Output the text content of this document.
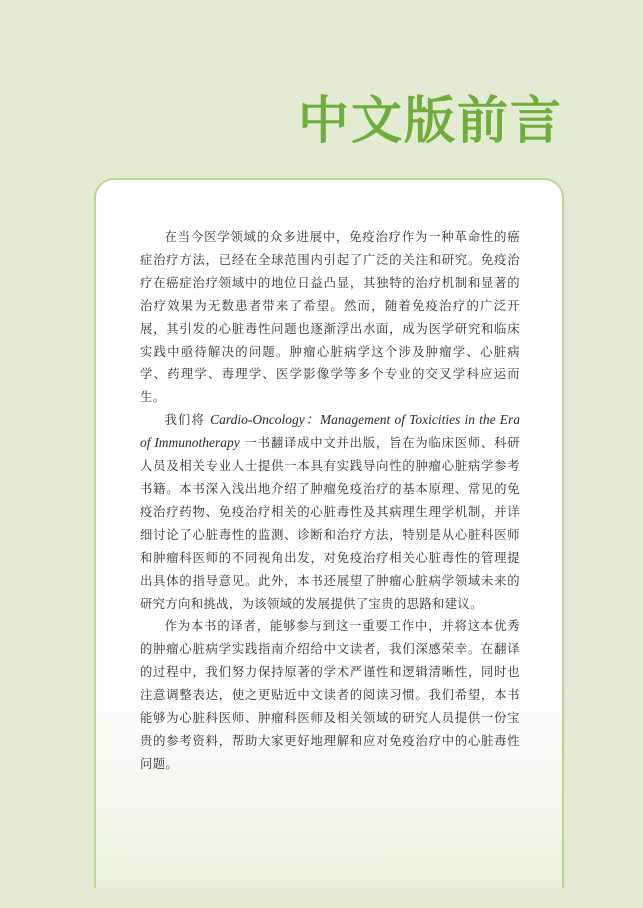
中文版前言

在当今医学领域的众多进展中，免疫治疗作为一种革命性的癌症治疗方法，已经在全球范围内引起了广泛的关注和研究。免疫治疗在癌症治疗领域中的地位日益凸显，其独特的治疗机制和显著的治疗效果为无数患者带来了希望。然而，随着免疫治疗的广泛开展，其引发的心脏毒性问题也逐渐浮出水面，成为医学研究和临床实践中亟待解决的问题。肿瘤心脏病学这个涉及肿瘤学、心脏病学、药理学、毒理学、医学影像学等多个专业的交叉学科应运而生。

我们将 Cardio-Oncology：Management of Toxicities in the Era of Immunotherapy 一书翻译成中文并出版，旨在为临床医师、科研人员及相关专业人士提供一本具有实践导向性的肿瘤心脏病学参考书籍。本书深入浅出地介绍了肿瘤免疫治疗的基本原理、常见的免疫治疗药物、免疫治疗相关的心脏毒性及其病理生理学机制，并详细讨论了心脏毒性的监测、诊断和治疗方法，特别是从心脏科医师和肿瘤科医师的不同视角出发，对免疫治疗相关心脏毒性的管理提出具体的指导意见。此外，本书还展望了肿瘤心脏病学领域未来的研究方向和挑战，为该领域的发展提供了宝贵的思路和建议。

作为本书的译者，能够参与到这一重要工作中，并将这本优秀的肿瘤心脏病学实践指南介绍给中文读者，我们深感荣幸。在翻译的过程中，我们努力保持原著的学术严谨性和逻辑清晰性，同时也注意调整表达，使之更贴近中文读者的阅读习惯。我们希望，本书能够为心脏科医师、肿瘤科医师及相关领域的研究人员提供一份宝贵的参考资料，帮助大家更好地理解和应对免疫治疗中的心脏毒性问题。
